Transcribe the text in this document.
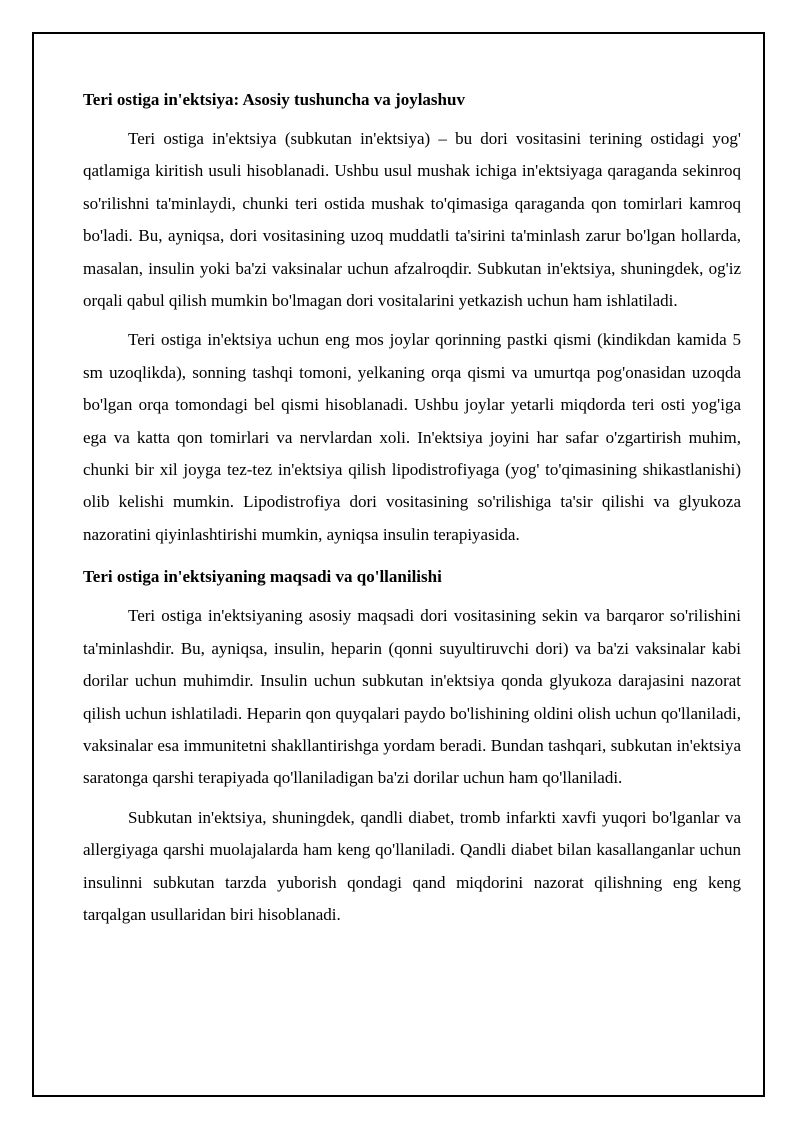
Teri ostiga in'ektsiya: Asosiy tushuncha va joylashuv

Teri ostiga in'ektsiya (subkutan in'ektsiya) – bu dori vositasini terining ostidagi yog' qatlamiga kiritish usuli hisoblanadi. Ushbu usul mushak ichiga in'ektsiyaga qaraganda sekinroq so'rilishni ta'minlaydi, chunki teri ostida mushak to'qimasiga qaraganda qon tomirlari kamroq bo'ladi. Bu, ayniqsa, dori vositasining uzoq muddatli ta'sirini ta'minlash zarur bo'lgan hollarda, masalan, insulin yoki ba'zi vaksinalar uchun afzalroqdir. Subkutan in'ektsiya, shuningdek, og'iz orqali qabul qilish mumkin bo'lmagan dori vositalarini yetkazish uchun ham ishlatiladi.

Teri ostiga in'ektsiya uchun eng mos joylar qorinning pastki qismi (kindikdan kamida 5 sm uzoqlikda), sonning tashqi tomoni, yelkaning orqa qismi va umurtqa pog'onasidan uzoqda bo'lgan orqa tomondagi bel qismi hisoblanadi. Ushbu joylar yetarli miqdorda teri osti yog'iga ega va katta qon tomirlari va nervlardan xoli. In'ektsiya joyini har safar o'zgartirish muhim, chunki bir xil joyga tez-tez in'ektsiya qilish lipodistrofiyaga (yog' to'qimasining shikastlanishi) olib kelishi mumkin. Lipodistrofiya dori vositasining so'rilishiga ta'sir qilishi va glyukoza nazoratini qiyinlashtirishi mumkin, ayniqsa insulin terapiyasida.

Teri ostiga in'ektsiyaning maqsadi va qo'llanilishi

Teri ostiga in'ektsiyaning asosiy maqsadi dori vositasining sekin va barqaror so'rilishini ta'minlashdir. Bu, ayniqsa, insulin, heparin (qonni suyultiruvchi dori) va ba'zi vaksinalar kabi dorilar uchun muhimdir. Insulin uchun subkutan in'ektsiya qonda glyukoza darajasini nazorat qilish uchun ishlatiladi. Heparin qon quyqalari paydo bo'lishining oldini olish uchun qo'llaniladi, vaksinalar esa immunitetni shakllantirishga yordam beradi. Bundan tashqari, subkutan in'ektsiya saratonga qarshi terapiyada qo'llaniladigan ba'zi dorilar uchun ham qo'llaniladi.

Subkutan in'ektsiya, shuningdek, qandli diabet, tromb infarkti xavfi yuqori bo'lganlar va allergiyaga qarshi muolajalarda ham keng qo'llaniladi. Qandli diabet bilan kasallanganlar uchun insulinni subkutan tarzda yuborish qondagi qand miqdorini nazorat qilishning eng keng tarqalgan usullaridan biri hisoblanadi.
